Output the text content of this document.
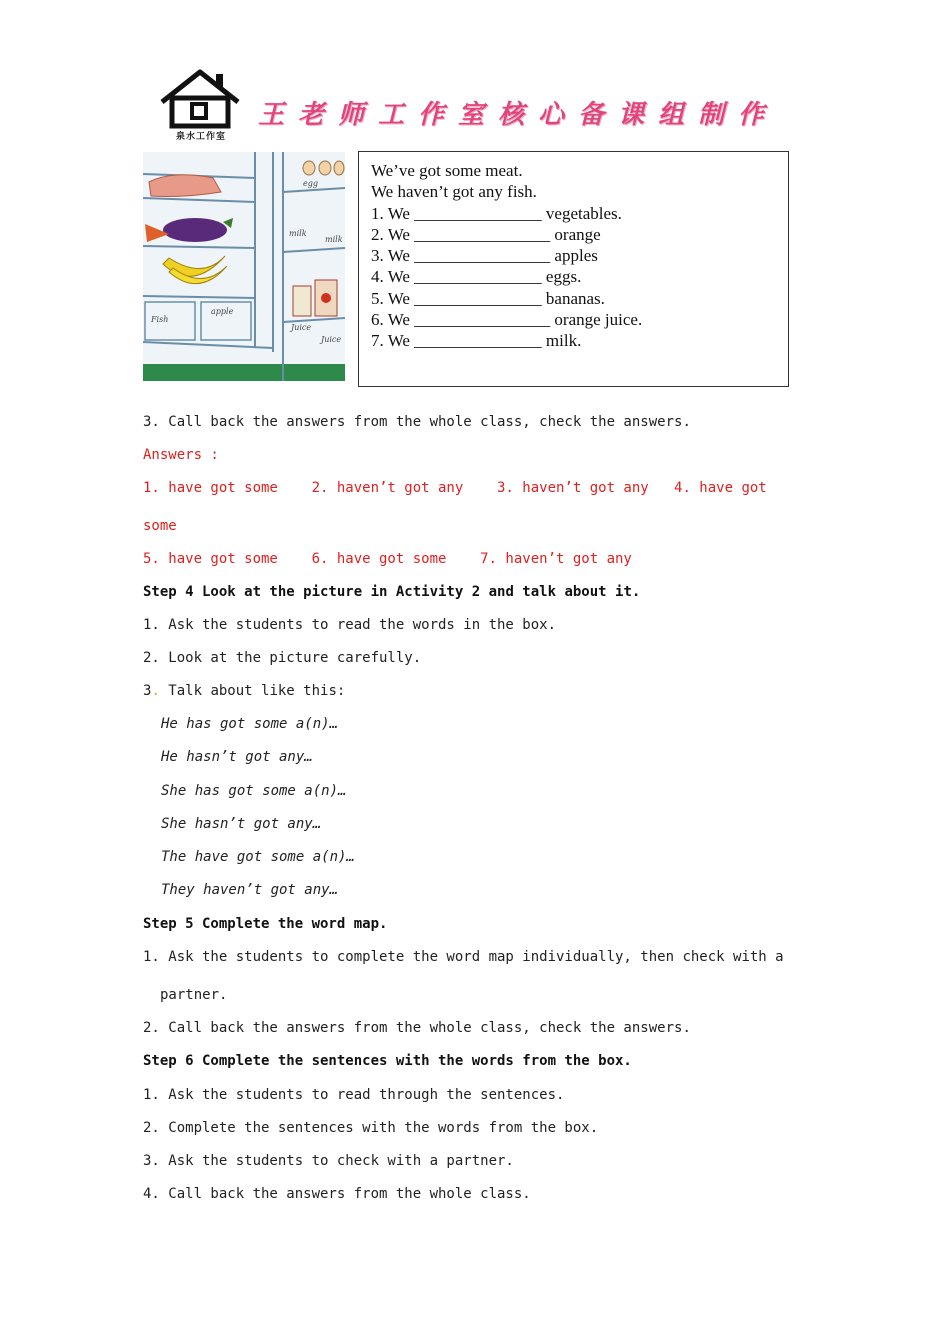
泉水工作室
王老师工作室核心备课组制作
egg
milk
milk
Fish
apple
Juice
Juice
We’ve got some meat.
We haven’t got any fish.
1. We _______________ vegetables.
2. We ________________ orange
3. We ________________ apples
4. We _______________ eggs.
5. We _______________ bananas.
6. We ________________ orange juice.
7. We _______________ milk.
3. Call back the answers from the whole class, check the answers.
Answers :
1. have got some    2. haven’t got any    3. haven’t got any   4. have got
some
5. have got some    6. have got some    7. haven’t got any
Step 4 Look at the picture in Activity 2 and talk about it.
1. Ask the students to read the words in the box.
2. Look at the picture carefully.
3. Talk about like this:
He has got some a(n)…
He hasn’t got any…
She has got some a(n)…
She hasn’t got any…
The have got some a(n)…
They haven’t got any…
Step 5 Complete the word map.
1. Ask the students to complete the word map individually, then check with a
partner.
2. Call back the answers from the whole class, check the answers.
Step 6 Complete the sentences with the words from the box.
1. Ask the students to read through the sentences.
2. Complete the sentences with the words from the box.
3. Ask the students to check with a partner.
4. Call back the answers from the whole class.
